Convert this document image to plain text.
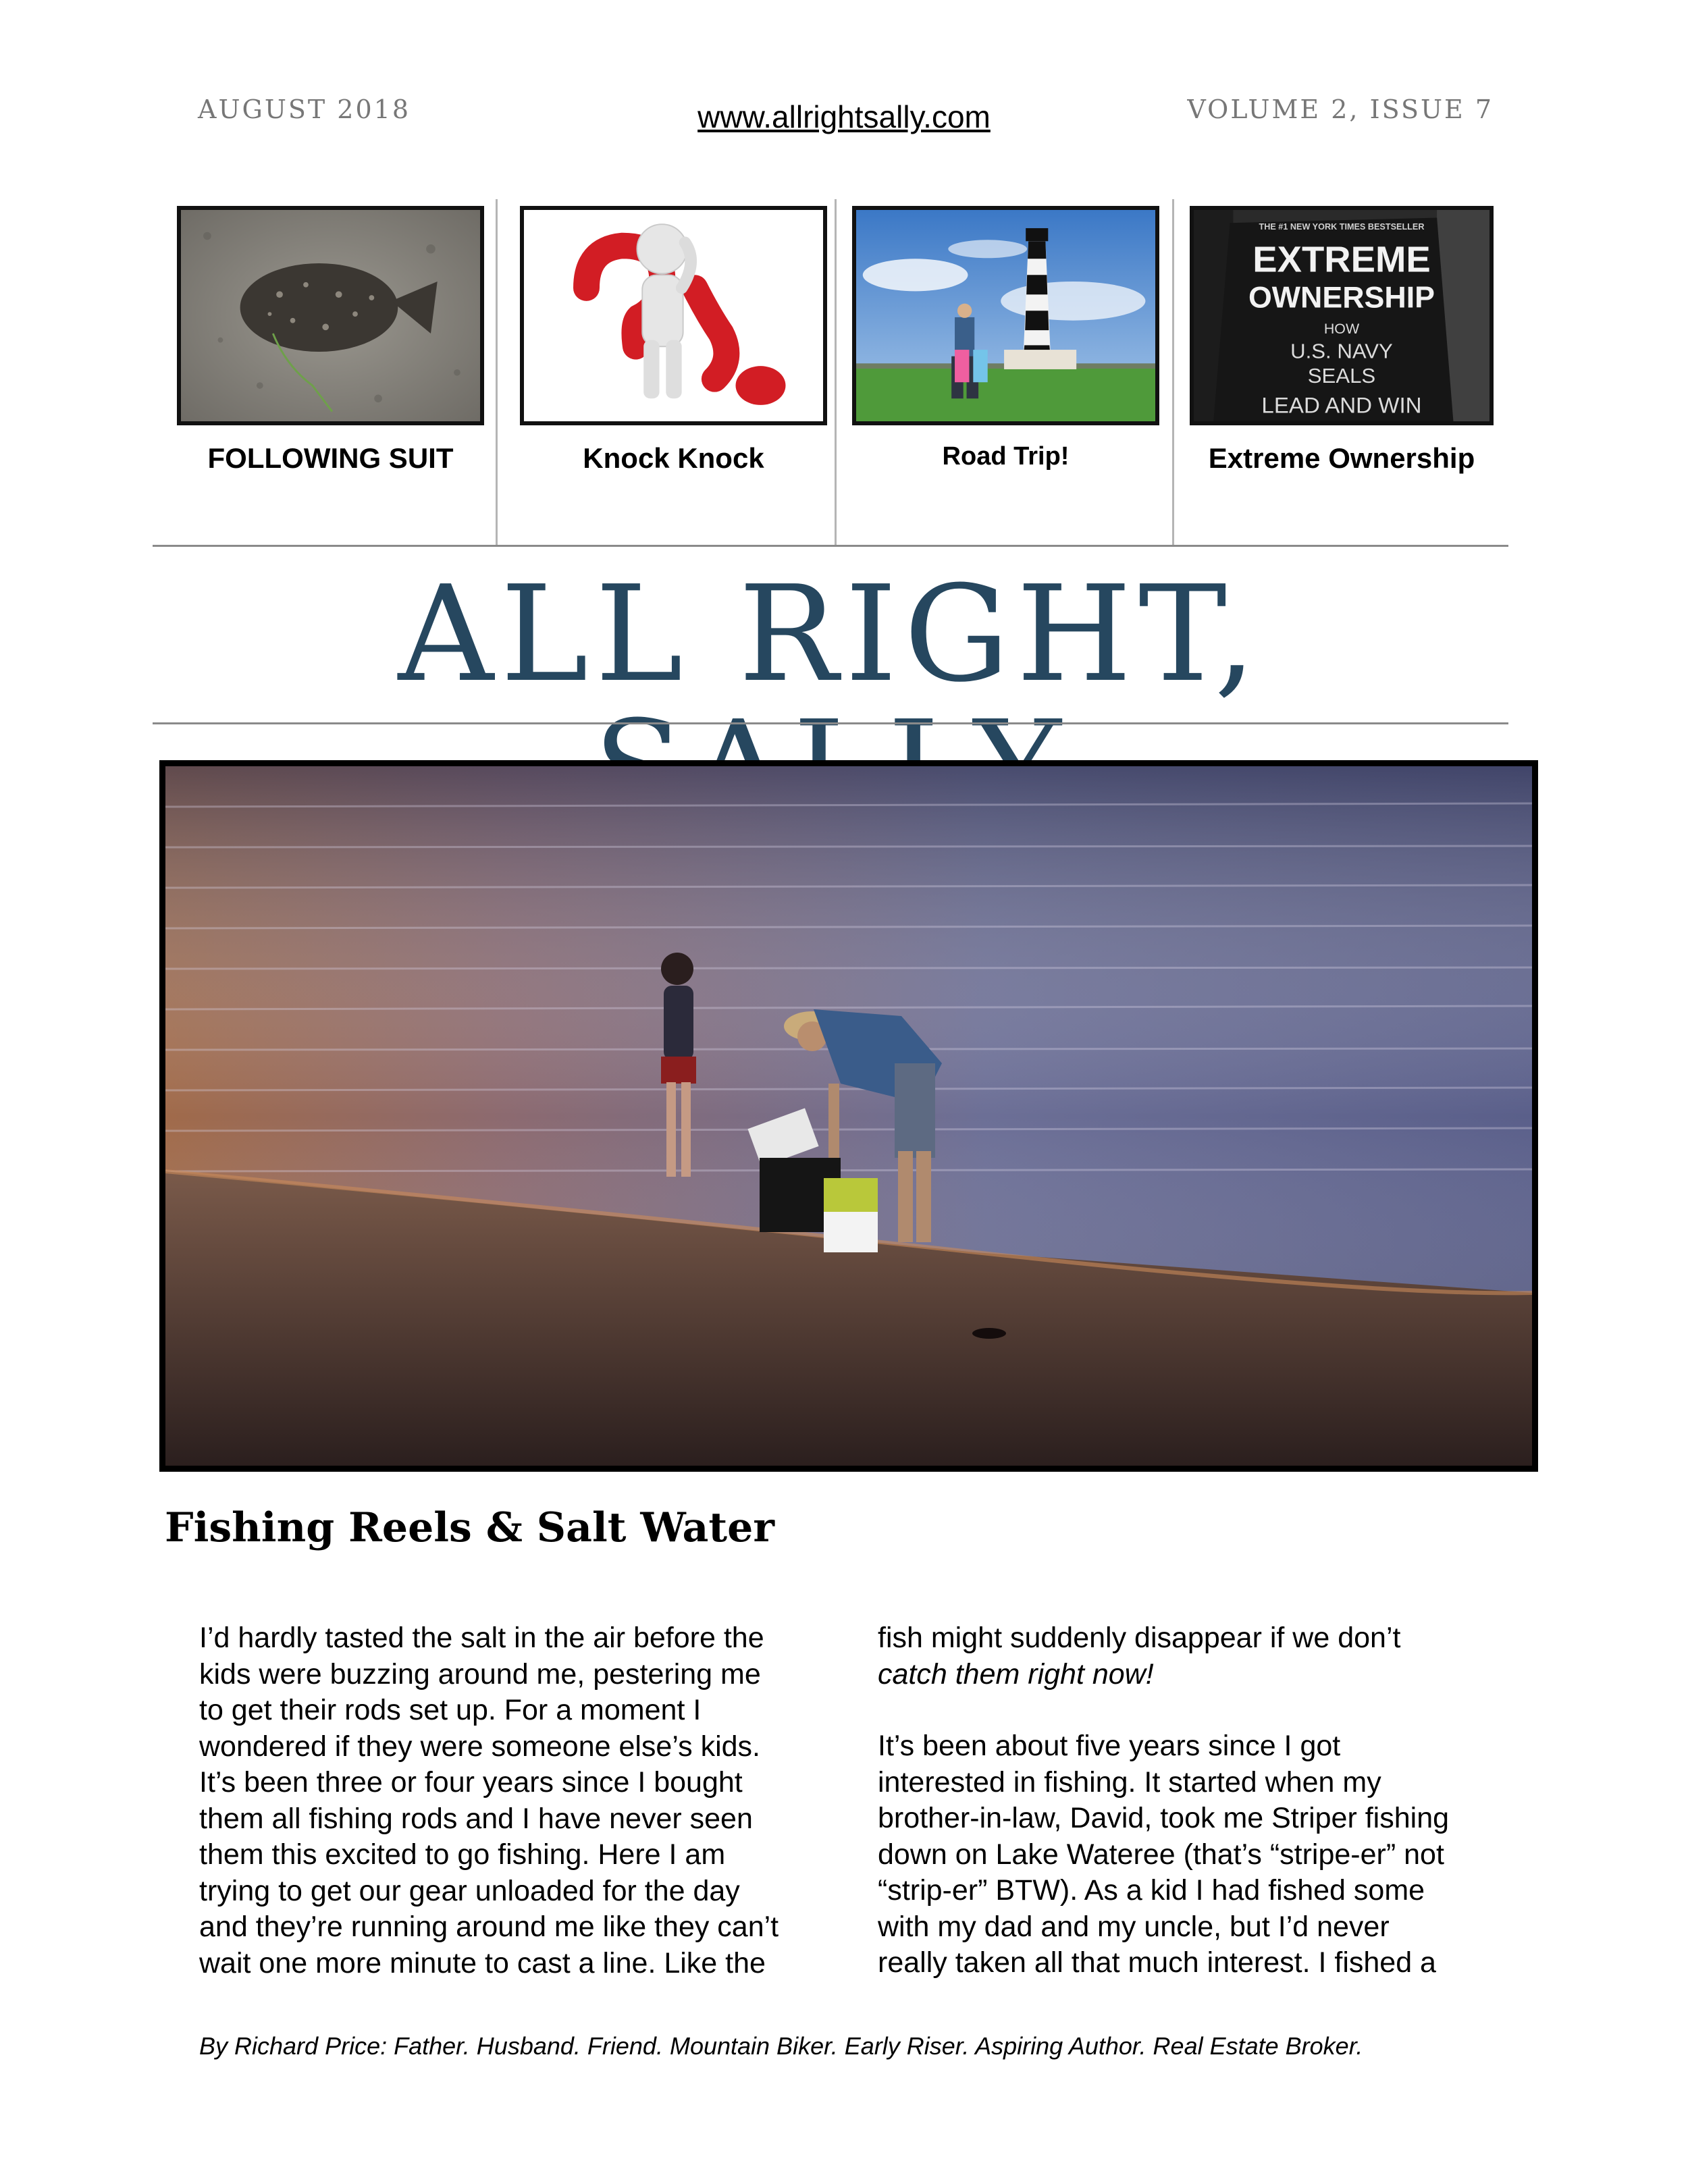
AUGUST 2018	www.allrightsally.com	VOLUME 2, ISSUE 7
FOLLOWING SUIT	Knock Knock	Road Trip!
THE #1 NEW YORK TIMES BESTSELLER
EXTREME
OWNERSHIP
HOW
U.S. NAVY
SEALS
LEAD AND WIN
Extreme Ownership
ALL RIGHT,
Fishing Reels & Salt Water

I’d hardly tasted the salt in the air before the

kids were buzzing around me, pestering me

to get their rods set up. For a moment I

wondered if they were someone else’s kids.

It’s been three or four years since I bought

them all fishing rods and I have never seen

them this excited to go fishing. Here I am

trying to get our gear unloaded for the day

and they’re running around me like they can’t

wait one more minute to cast a line. Like the

fish might suddenly disappear if we don’t

catch them right now!

It’s been about five years since I got

interested in fishing. It started when my

brother-in-law, David, took me Striper fishing

down on Lake Wateree (that’s “stripe-er” not

“strip-er” BTW). As a kid I had fished some

with my dad and my uncle, but I’d never

really taken all that much interest. I fished a

By Richard Price: Father. Husband. Friend. Mountain Biker. Early Riser. Aspiring Author. Real Estate Broker.
